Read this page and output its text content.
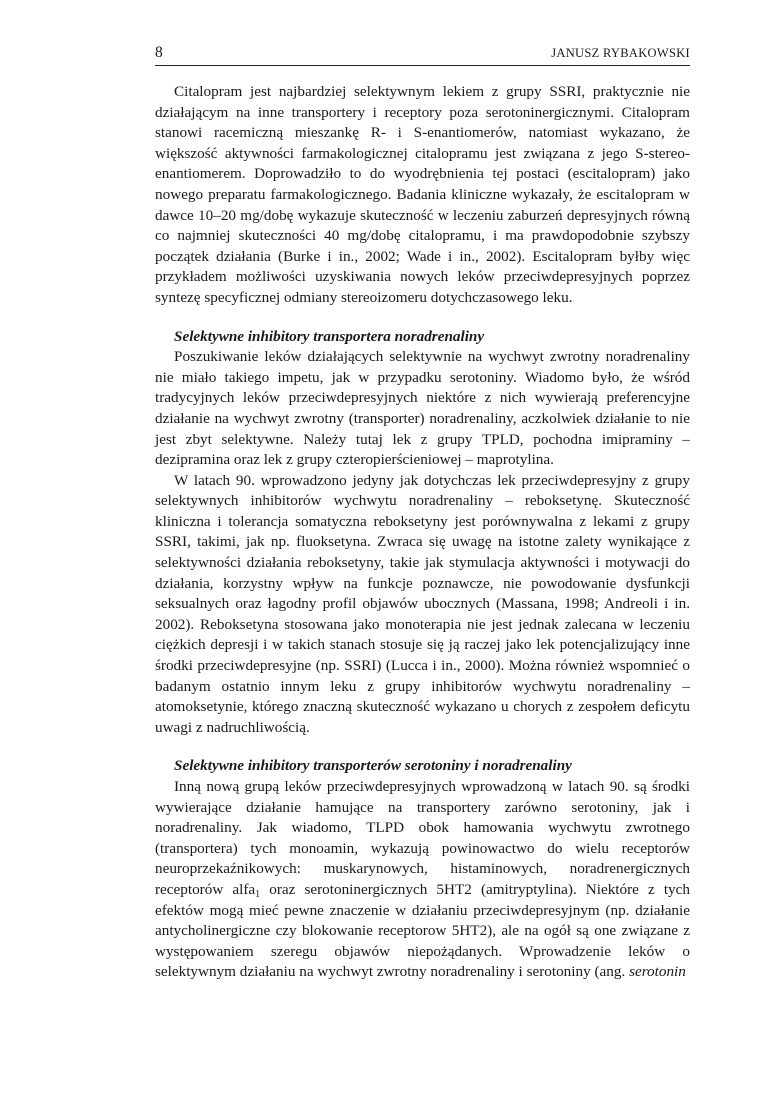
8	JANUSZ RYBAKOWSKI

Citalopram jest najbardziej selektywnym lekiem z grupy SSRI, praktycznie nie działającym na inne transportery i receptory poza serotoninergicznymi. Citalopram stanowi racemiczną mieszankę R- i S-enantiomerów, natomiast wykazano, że większość aktywności farmakologicznej citalopramu jest związana z jego S-stereo-enantiomerem. Doprowadziło to do wyodrębnienia tej postaci (escitalopram) jako nowego preparatu farmakologicznego. Badania kliniczne wykazały, że escitalopram w dawce 10–20 mg/dobę wykazuje skuteczność w leczeniu zaburzeń depresyjnych równą co najmniej skuteczności 40 mg/dobę citalopramu, i ma prawdopodobnie szybszy początek działania (Burke i in., 2002; Wade i in., 2002). Escitalopram byłby więc przykładem możliwości uzyskiwania nowych leków przeciwdepresyjnych poprzez syntezę specyficznej odmiany stereoizomeru dotychczasowego leku.

Selektywne inhibitory transportera noradrenaliny

Poszukiwanie leków działających selektywnie na wychwyt zwrotny noradrenaliny nie miało takiego impetu, jak w przypadku serotoniny. Wiadomo było, że wśród tradycyjnych leków przeciwdepresyjnych niektóre z nich wywierają preferencyjne działanie na wychwyt zwrotny (transporter) noradrenaliny, aczkolwiek działanie to nie jest zbyt selektywne. Należy tutaj lek z grupy TPLD, pochodna imipraminy – dezipramina oraz lek z grupy czteropierścieniowej – maprotylina.

W latach 90. wprowadzono jedyny jak dotychczas lek przeciwdepresyjny z grupy selektywnych inhibitorów wychwytu noradrenaliny – reboksetynę. Skuteczność kliniczna i tolerancja somatyczna reboksetyny jest porównywalna z lekami z grupy SSRI, takimi, jak np. fluoksetyna. Zwraca się uwagę na istotne zalety wynikające z selektywności działania reboksetyny, takie jak stymulacja aktywności i motywacji do działania, korzystny wpływ na funkcje poznawcze, nie powodowanie dysfunkcji seksualnych oraz łagodny profil objawów ubocznych (Massana, 1998; Andreoli i in. 2002). Reboksetyna stosowana jako monoterapia nie jest jednak zalecana w leczeniu ciężkich depresji i w takich stanach stosuje się ją raczej jako lek potencjalizujący inne środki przeciwdepresyjne (np. SSRI) (Lucca i in., 2000). Można również wspomnieć o badanym ostatnio innym leku z grupy inhibitorów wychwytu noradrenaliny – atomoksetynie, którego znaczną skuteczność wykazano u chorych z zespołem deficytu uwagi z nadruchliwością.

Selektywne inhibitory transporterów serotoniny i noradrenaliny

Inną nową grupą leków przeciwdepresyjnych wprowadzoną w latach 90. są środki wywierające działanie hamujące na transportery zarówno serotoniny, jak i noradrenaliny. Jak wiadomo, TLPD obok hamowania wychwytu zwrotnego (transportera) tych monoamin, wykazują powinowactwo do wielu receptorów neuroprzekaźnikowych: muskarynowych, histaminowych, noradrenergicznych receptorów alfa$_1$ oraz serotoninergicznych 5HT2 (amitryptylina). Niektóre z tych efektów mogą mieć pewne znaczenie w działaniu przeciwdepresyjnym (np. działanie antycholinergiczne czy blokowanie receptorow 5HT2), ale na ogół są one związane z występowaniem szeregu objawów niepożądanych. Wprowadzenie leków o selektywnym działaniu na wychwyt zwrotny noradrenaliny i serotoniny (ang. serotonin
